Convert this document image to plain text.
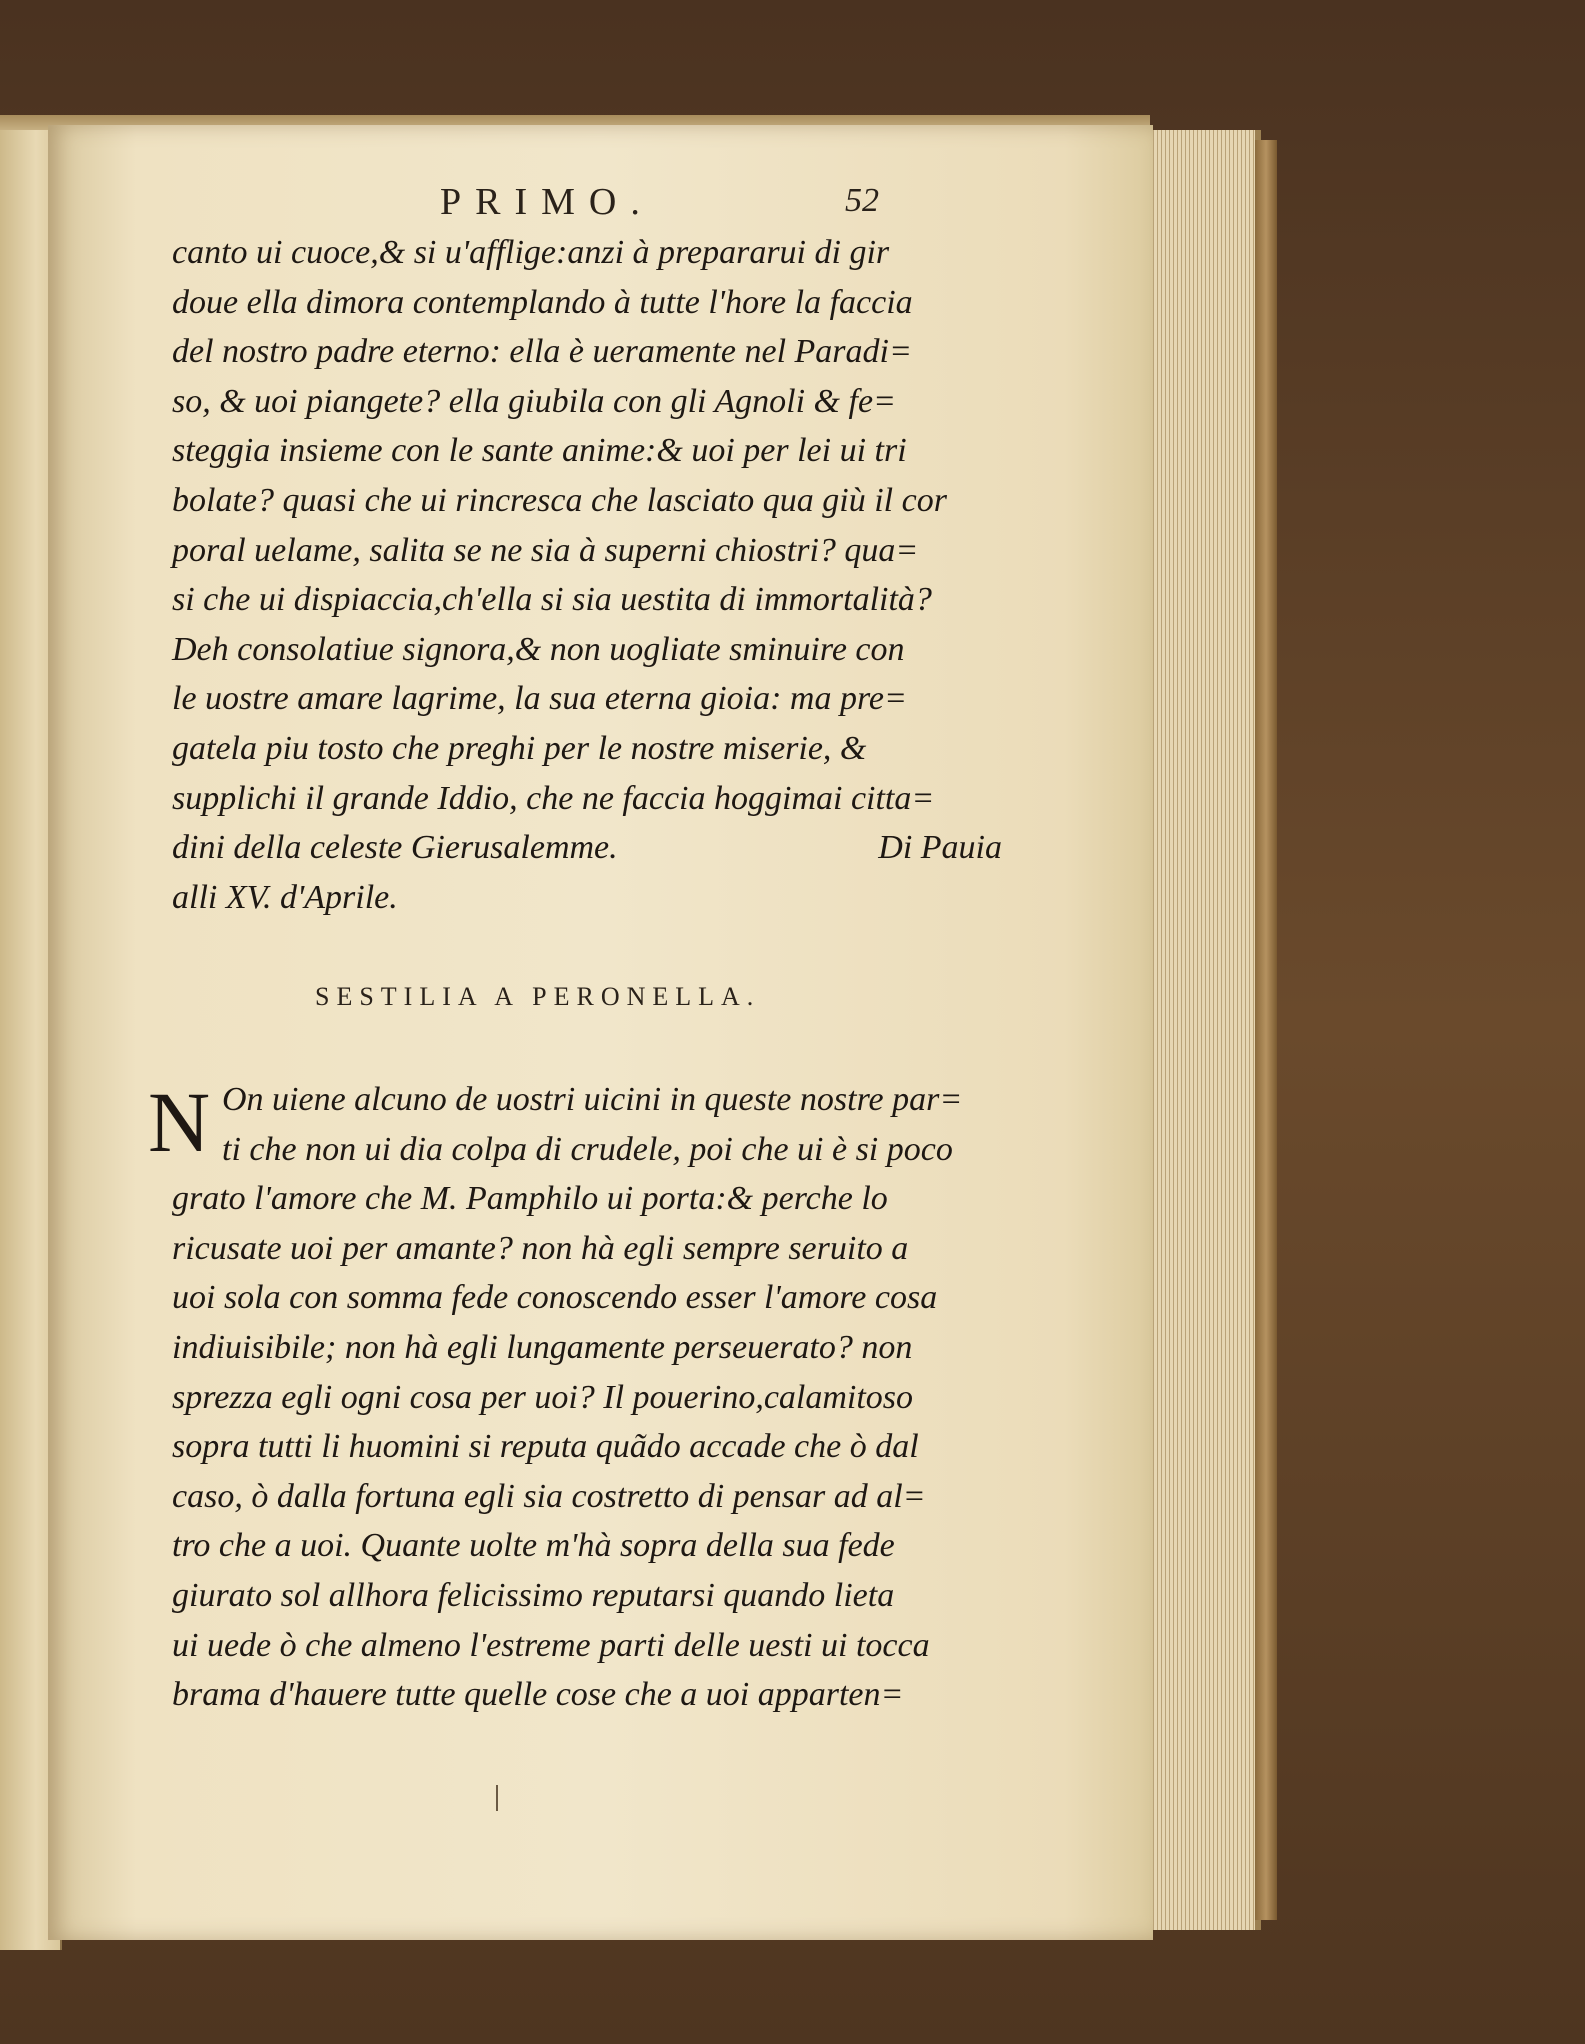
PRIMO.	52
canto ui cuoce,& si u'affligе:anzi à prepararui di gir
doue ella dimora contemplando à tutte l'hore la faccia
del nostro padre eterno: ella è ueramente nel Paradi=
so, & uoi piangete? ella giubila con gli Agnoli & fe=
steggia insieme con le sante anime:& uoi per lei ui tri
bolate? quasi che ui rincresca che lasciato qua giù il cor
poral uelame, salita se ne sia à superni chiostri? qua=
si che ui dispiaccia,ch'ella si sia uestita di immortalità?
Deh consolatiue signora,& non uogliate sminuire con
le uostre amare lagrime, la sua eterna gioia: ma pre=
gatela piu tosto che preghi per le nostre miserie, &
supplichi il grande Iddio, che ne faccia hoggimai citta=
dini della celeste Gierusalemme.	Di Pauia
alli XV. d'Aprile.
SESTILIA A PERONELLA.
N On uiene alcuno de uostri uicini in queste nostre par=
ti che non ui dia colpa di crudele, poi che ui è si poco
grato l'amore che M. Pamphilo ui porta:& perche lo
ricusate uoi per amante? non hà egli sempre seruito a
uoi sola con somma fede conoscendo esser l'amore cosa
indiuisibile; non hà egli lungamente perseuerato? non
sprezza egli ogni cosa per uoi? Il pouerino,calamitoso
sopra tutti li huomini si reputa quãdo accade che ò dal
caso, ò dalla fortuna egli sia costretto di pensar ad al=
tro che a uoi. Quante uolte m'hà sopra della sua fede
giurato sol allhora felicissimo reputarsi quando lieta
ui uede ò che almeno l'estreme parti delle uesti ui tocca
brama d'hauere tutte quelle cose che a uoi apparten=
